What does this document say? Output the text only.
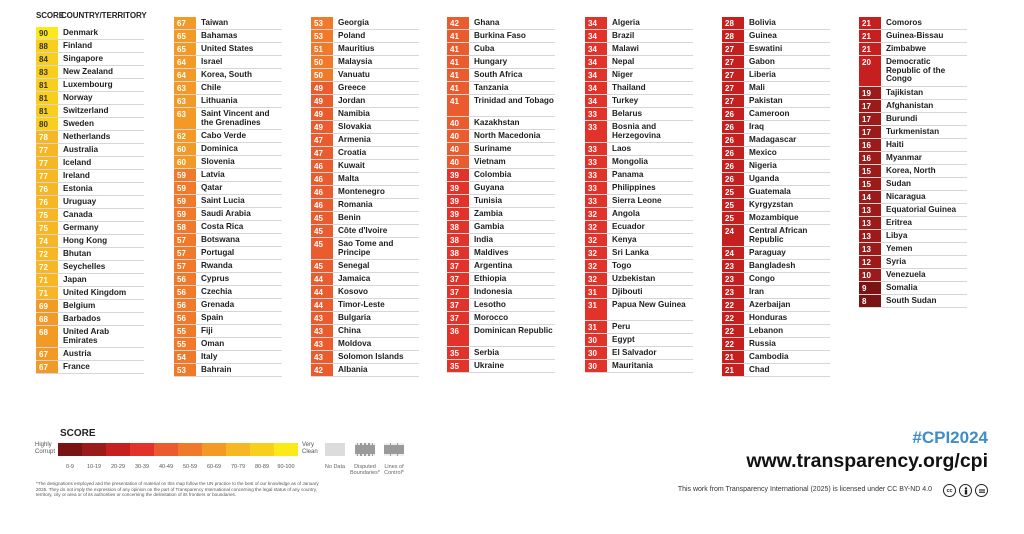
SCORE
COUNTRY/TERRITORY
90	Denmark
88	Finland
84	Singapore
83	New Zealand
81	Luxembourg
81	Norway
81	Switzerland
80	Sweden
78	Netherlands
77	Australia
77	Iceland
77	Ireland
76	Estonia
76	Uruguay
75	Canada
75	Germany
74	Hong Kong
72	Bhutan
72	Seychelles
71	Japan
71	United Kingdom
69	Belgium
68	Barbados
68	United Arab Emirates
67	Austria
67	France
67	Taiwan
65	Bahamas
65	United States
64	Israel
64	Korea, South
63	Chile
63	Lithuania
63	Saint Vincent and the Grenadines
62	Cabo Verde
60	Dominica
60	Slovenia
59	Latvia
59	Qatar
59	Saint Lucia
59	Saudi Arabia
58	Costa Rica
57	Botswana
57	Portugal
57	Rwanda
56	Cyprus
56	Czechia
56	Grenada
56	Spain
55	Fiji
55	Oman
54	Italy
53	Bahrain
53	Georgia
53	Poland
51	Mauritius
50	Malaysia
50	Vanuatu
49	Greece
49	Jordan
49	Namibia
49	Slovakia
47	Armenia
47	Croatia
46	Kuwait
46	Malta
46	Montenegro
46	Romania
45	Benin
45	Côte d'Ivoire
45	Sao Tome and Principe
45	Senegal
44	Jamaica
44	Kosovo
44	Timor-Leste
43	Bulgaria
43	China
43	Moldova
43	Solomon Islands
42	Albania
42	Ghana
41	Burkina Faso
41	Cuba
41	Hungary
41	South Africa
41	Tanzania
41	Trinidad and Tobago
40	Kazakhstan
40	North Macedonia
40	Suriname
40	Vietnam
39	Colombia
39	Guyana
39	Tunisia
39	Zambia
38	Gambia
38	India
38	Maldives
37	Argentina
37	Ethiopia
37	Indonesia
37	Lesotho
37	Morocco
36	Dominican Republic
35	Serbia
35	Ukraine
34	Algeria
34	Brazil
34	Malawi
34	Nepal
34	Niger
34	Thailand
34	Turkey
33	Belarus
33	Bosnia and Herzegovina
33	Laos
33	Mongolia
33	Panama
33	Philippines
33	Sierra Leone
32	Angola
32	Ecuador
32	Kenya
32	Sri Lanka
32	Togo
32	Uzbekistan
31	Djibouti
31	Papua New Guinea
31	Peru
30	Egypt
30	El Salvador
30	Mauritania
28	Bolivia
28	Guinea
27	Eswatini
27	Gabon
27	Liberia
27	Mali
27	Pakistan
26	Cameroon
26	Iraq
26	Madagascar
26	Mexico
26	Nigeria
26	Uganda
25	Guatemala
25	Kyrgyzstan
25	Mozambique
24	Central African Republic
24	Paraguay
23	Bangladesh
23	Congo
23	Iran
22	Azerbaijan
22	Honduras
22	Lebanon
22	Russia
21	Cambodia
21	Chad
21	Comoros
21	Guinea-Bissau
21	Zimbabwe
20	Democratic Republic of the Congo
19	Tajikistan
17	Afghanistan
17	Burundi
17	Turkmenistan
16	Haiti
16	Myanmar
15	Korea, North
15	Sudan
14	Nicaragua
13	Equatorial Guinea
13	Eritrea
13	Libya
13	Yemen
12	Syria
10	Venezuela
9	Somalia
8	South Sudan
SCORE
Highly Corrupt
Very Clean
0-9	10-19	20-29	30-39	40-49	50-59	60-69	70-79	80-89	90-100	No Data	Disputed Boundaries*
Lines of Control*
*The designations employed and the presentation of material on this map follow the UN practice to the best of our knowledge as of January 2025. They do not imply the expression of any opinion on the part of Transparency International concerning the legal status of any country, territory, city or area or of its authorities or concerning the delimitation of its frontiers or boundaries.
#CPI2024
www.transparency.org/cpi
This work from Transparency International (2025) is licensed under CC BY-ND 4.0	cc
